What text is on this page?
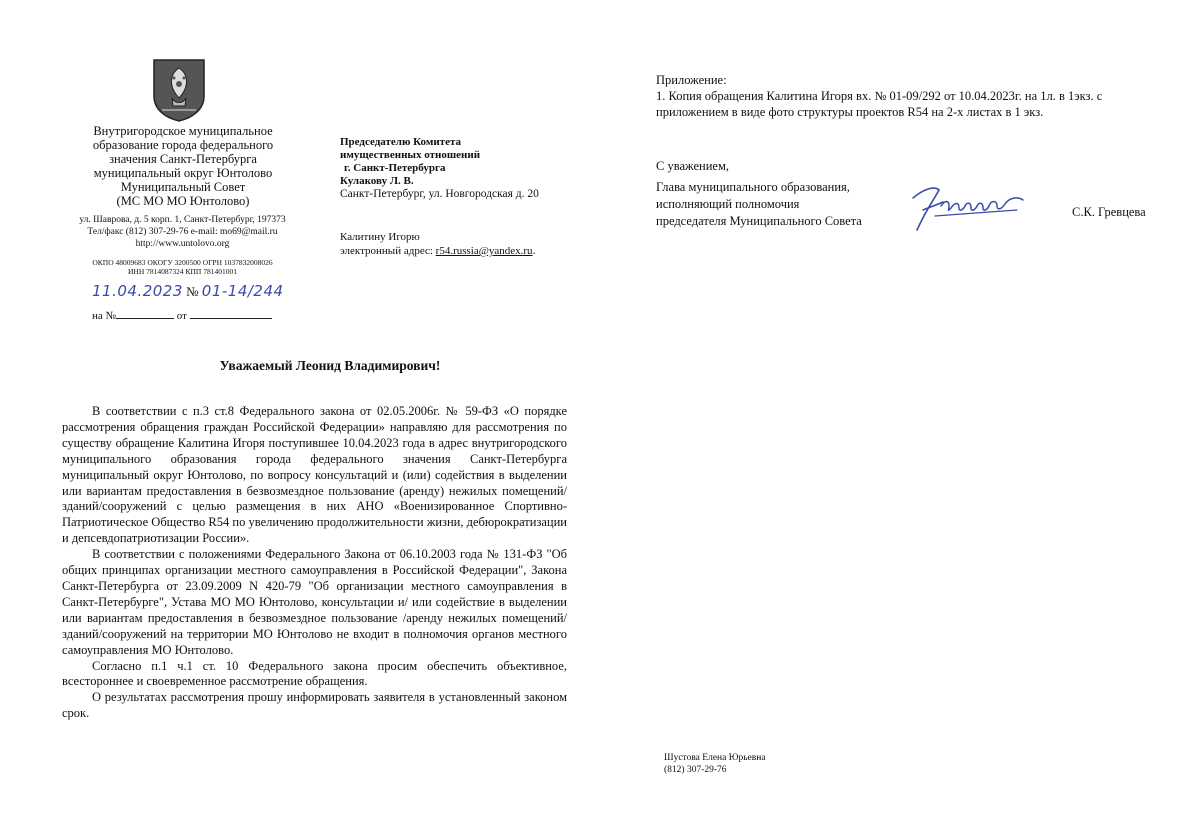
Внутригородское муниципальное
образование города федерального
значения Санкт-Петербурга
муниципальный округ Юнтолово
Муниципальный Совет
(МС МО МО Юнтолово)
ул. Шаврова, д. 5 корп. 1, Санкт-Петербург, 197373
Тел/факс (812) 307-29-76 e-mail: mo69@mail.ru
http://www.untolovo.org
ОКПО 48009683 ОКОГУ 3200500 ОГРН 1037832008026
ИНН 7814087324 КПП 781401001
11.04.2023 № 01-14/244
на №	от
Председателю Комитета
имущественных отношений
г. Санкт-Петербурга
Кулакову Л. В.
Санкт-Петербург, ул. Новгородская д. 20
Калитину Игорю
электронный адрес: r54.russia@yandex.ru.
Уважаемый Леонид Владимирович!

В соответствии с п.3 ст.8 Федерального закона от 02.05.2006г. № 59-ФЗ «О порядке рассмотрения обращения граждан Российской Федерации» направляю для рассмотрения по существу обращение Калитина Игоря поступившее 10.04.2023 года в адрес внутригородского муниципального образования города федерального значения Санкт-Петербурга муниципальный округ Юнтолово, по вопросу консультаций и (или) содействия в выделении или вариантам предоставления в безвозмездное пользование (аренду) нежилых помещений/зданий/сооружений с целью размещения в них АНО «Военизированное Спортивно-Патриотическое Общество R54 по увеличению продолжительности жизни, дебюрократизации и депсевдопатриотизации России».

В соответствии с положениями Федерального Закона от 06.10.2003 года № 131-ФЗ "Об общих принципах организации местного самоуправления в Российской Федерации", Закона Санкт-Петербурга от 23.09.2009 N 420-79 "Об организации местного самоуправления в Санкт-Петербурге", Устава МО МО Юнтолово, консультации и/ или содействие в выделении или вариантам предоставления в безвозмездное пользование /аренду нежилых помещений/зданий/сооружений на территории МО Юнтолово не входит в полномочия органов местного самоуправления МО Юнтолово.

Согласно п.1 ч.1 ст. 10 Федерального закона просим обеспечить объективное, всестороннее и своевременное рассмотрение обращения.

О результатах рассмотрения прошу информировать заявителя в установленный законом срок.

Приложение:
1. Копия обращения Калитина Игоря вх. № 01-09/292 от 10.04.2023г. на 1л. в 1экз. с приложением в виде фото структуры проектов R54 на 2-х листах в 1 экз.
С уважением,
Глава муниципального образования,
исполняющий полномочия
председателя Муниципального Совета
С.К. Гревцева
Шустова Елена Юрьевна
(812) 307-29-76
